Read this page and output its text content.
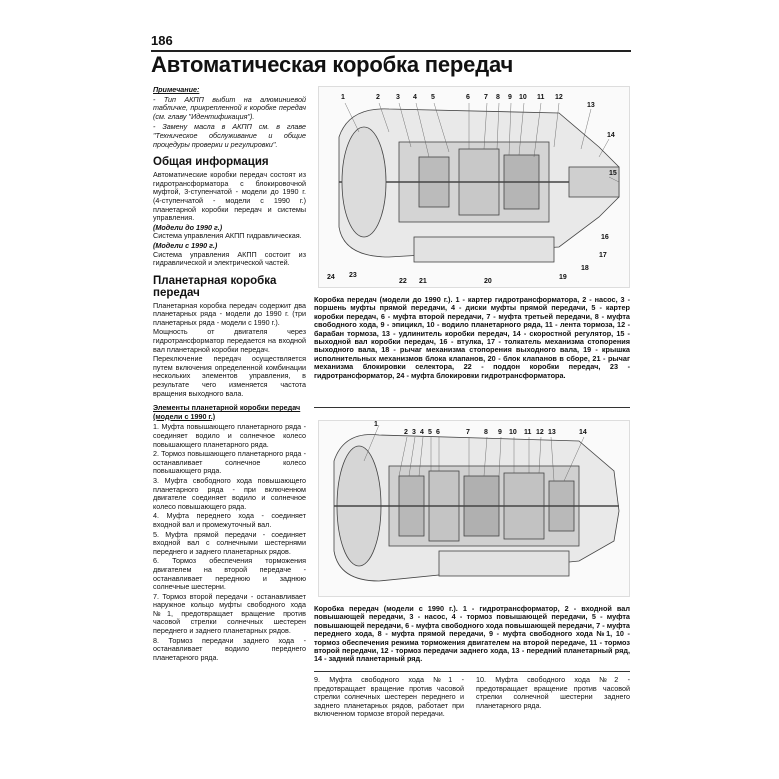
186
Автоматическая коробка передач
Примечание:
- Тип АКПП выбит на алюминиевой табличке, прикрепленной к коробке передач (см. главу "Идентификация").
- Замену масла в АКПП см. в главе "Техническое обслуживание и общие процедуры проверки и регулировки".
Общая информация
Автоматические коробки передач состоят из гидротрансформатора с блокировочной муфтой, 3-ступенчатой - модели до 1990 г. (4-ступенчатой - модели с 1990 г.) планетарной коробки передач и системы управления.
(Модели до 1990 г.)
Система управления АКПП гидравлическая.
(Модели с 1990 г.)
Система управления АКПП состоит из гидравлической и электрической частей.
Планетарная коробка передач
Планетарная коробка передач содержит два планетарных ряда - модели до 1990 г. (три планетарных ряда - модели с 1990 г.).
Мощность от двигателя через гидротрансформатор передается на входной вал планетарной коробки передач.
Переключение передач осуществляется путем включения определенной комбинации нескольких элементов управления, в результате чего изменяется частота вращения выходного вала.
Элементы планетарной коробки передач (модели с 1990 г.)
1. Муфта повышающего планетарного ряда - соединяет водило и солнечное колесо повышающего планетарного ряда.
2. Тормоз повышающего планетарного ряда - останавливает солнечное колесо повышающего ряда.
3. Муфта свободного хода повышающего планетарного ряда - при включенном двигателе соединяет водило и солнечное колесо повышающего ряда.
4. Муфта переднего хода - соединяет входной вал и промежуточный вал.
5. Муфта прямой передачи - соединяет входной вал с солнечными шестернями переднего и заднего планетарных рядов.
6. Тормоз обеспечения торможения двигателем на второй передаче - останавливает переднюю и заднюю солнечные шестерни.
7. Тормоз второй передачи - останавливает наружное кольцо муфты свободного хода №1, предотвращает вращение против часовой стрелки солнечных шестерен переднего и заднего планетарных рядов.
8. Тормоз передачи заднего хода - останавливает водило переднего планетарного ряда.
1	2 3 4 5	6 7 8 9 10 11 12
13
14
15
16
17
18
19
20
21
22
23
24
Коробка передач (модели до 1990 г.). 1 - картер гидротрансформатора, 2 - насос, 3 - поршень муфты прямой передачи, 4 - диски муфты прямой передачи, 5 - картер коробки передач, 6 - муфта второй передачи, 7 - муфта третьей передачи, 8 - муфта свободного хода, 9 - эпицикл, 10 - водило планетарного ряда, 11 - лента тормоза, 12 - барабан тормоза, 13 - удлинитель коробки передач, 14 - скоростной регулятор, 15 - выходной вал коробки передач, 16 - втулка, 17 - толкатель механизма стопорения выходного вала, 18 - рычаг механизма стопорения выходного вала, 19 - крышка исполнительных механизмов блока клапанов, 20 - блок клапанов в сборе, 21 - рычаг механизма блокировки селектора, 22 - поддон коробки передач, 23 - гидротрансформатор, 24 - муфта блокировки гидротрансформатора.
1
2 3 4 5 6	7 8 9 10 11 12 13	14
Коробка передач (модели с 1990 г.). 1 - гидротрансформатор, 2 - входной вал повышающей передачи, 3 - насос, 4 - тормоз повышающей передачи, 5 - муфта повышающей передачи, 6 - муфта свободного хода повышающей передачи, 7 - муфта переднего хода, 8 - муфта прямой передачи, 9 - муфта свободного хода №1, 10 - тормоз обеспечения режима торможения двигателем на второй передаче, 11 - тормоз второй передачи, 12 - тормоз передачи заднего хода, 13 - передний планетарный ряд, 14 - задний планетарный ряд.
9. Муфта свободного хода №1 - предотвращает вращение против часовой стрелки солнечных шестерен переднего и заднего планетарных рядов, работает при включенном тормозе второй передачи.
10. Муфта свободного хода №2 - предотвращает вращение против часовой стрелки солнечной шестерни заднего планетарного ряда.
